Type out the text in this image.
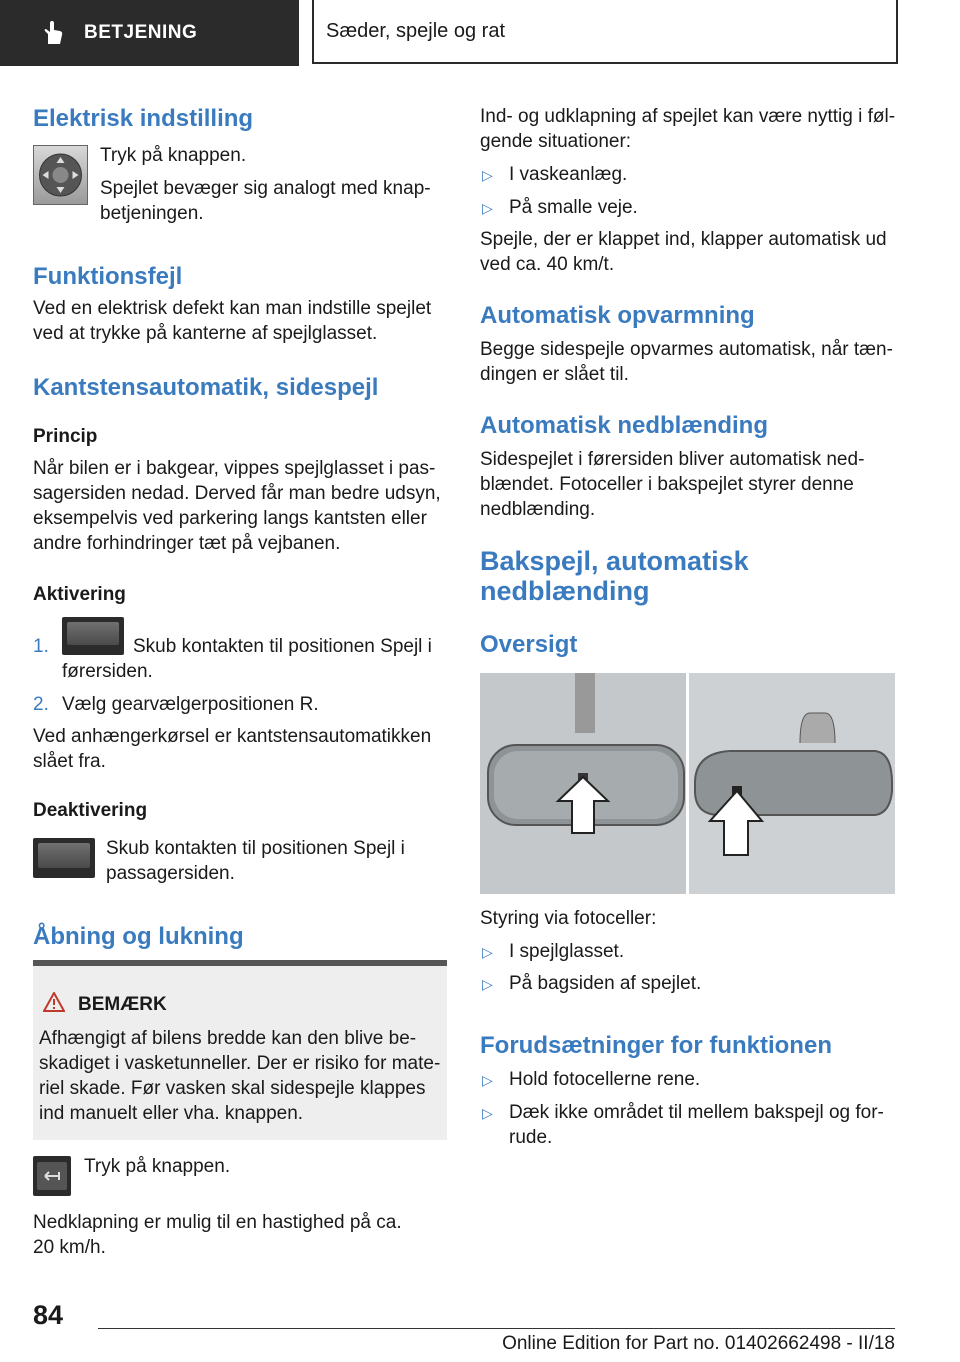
BETJENING	Sæder, spejle og rat
Elektrisk indstilling

Tryk på knappen.

Spejlet bevæger sig analogt med knap-

betjeningen.

Funktionsfejl

Ved en elektrisk defekt kan man indstille spejlet

ved at trykke på kanterne af spejlglasset.

Kantstensautomatik, sidespejl
Princip

Når bilen er i bakgear, vippes spejlglasset i pas-

sagersiden nedad. Derved får man bedre udsyn,

eksempelvis ved parkering langs kantsten eller

andre forhindringer tæt på vejbanen.

Aktivering

1.	Skub kontakten til positionen Spejl i

førersiden.

2. Vælg gearvælgerpositionen R.

Ved anhængerkørsel er kantstensautomatikken

slået fra.

Deaktivering

Skub kontakten til positionen Spejl i

passagersiden.

Åbning og lukning

BEMÆRK

Afhængigt af bilens bredde kan den blive be-

skadiget i vasketunneller. Der er risiko for mate-

riel skade. Før vasken skal sidespejle klappes

ind manuelt eller vha. knappen.

Tryk på knappen.

Nedklapning er mulig til en hastighed på ca.

20 km/h.

Ind- og udklapning af spejlet kan være nyttig i føl-

gende situationer:

▷ I vaskeanlæg.

▷ På smalle veje.

Spejle, der er klappet ind, klapper automatisk ud

ved ca. 40 km/t.

Automatisk opvarmning

Begge sidespejle opvarmes automatisk, når tæn-

dingen er slået til.

Automatisk nedblænding

Sidespejlet i førersiden bliver automatisk ned-

blændet. Fotoceller i bakspejlet styrer denne

nedblænding.

Bakspejl, automatisk
nedblænding
Oversigt

Styring via fotoceller:

▷ I spejlglasset.

▷ På bagsiden af spejlet.

Forudsætninger for funktionen
▷ Hold fotocellerne rene.

▷ Dæk ikke området til mellem bakspejl og for-

rude.

84

Online Edition for Part no. 01402662498 - II/18
